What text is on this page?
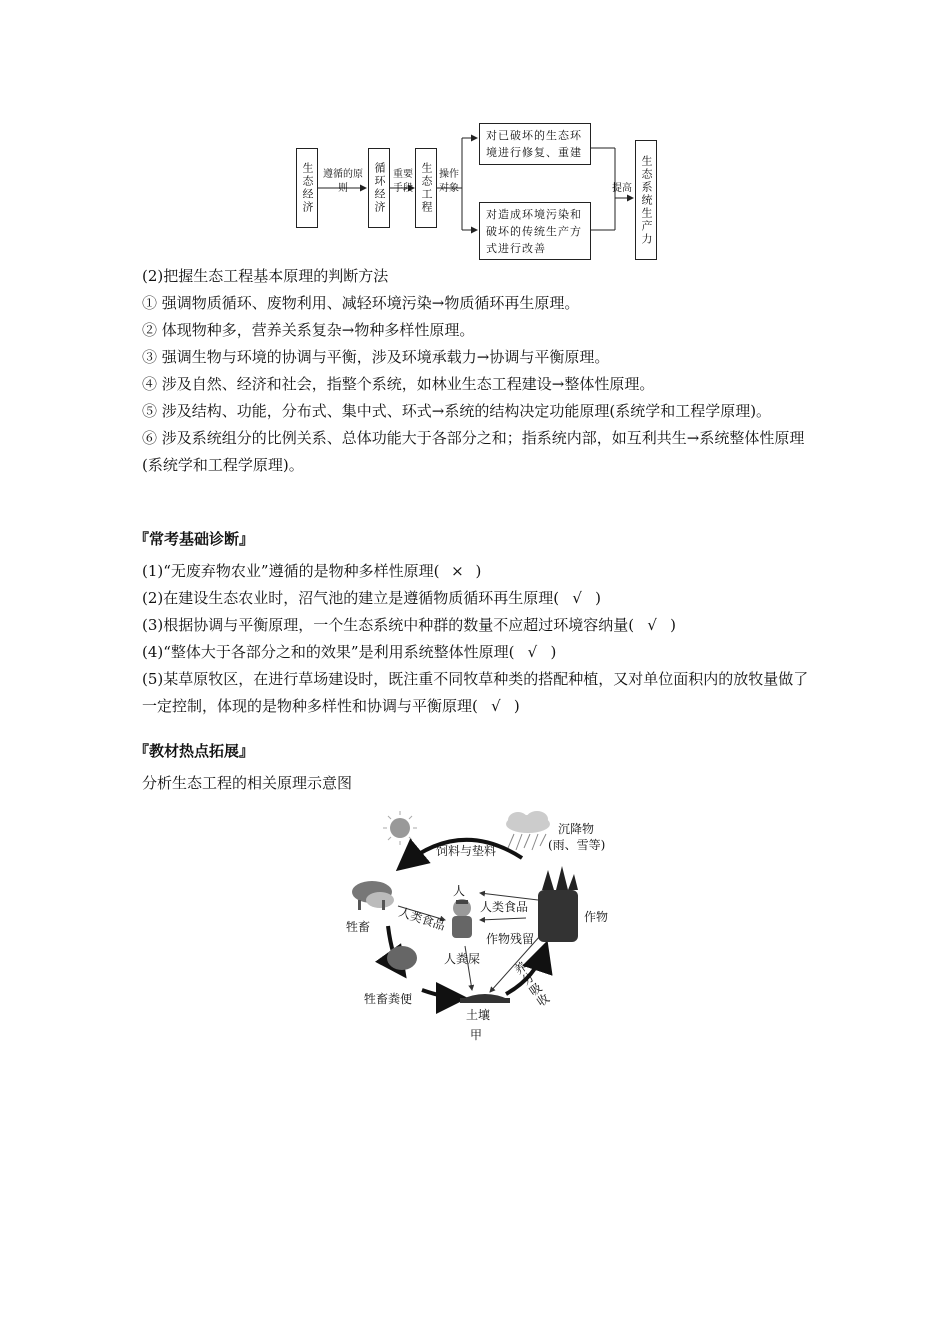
生态经济 遵循的原则	循环经济 重要手段 生态工程 操作对象
对已破坏的生态环境进行修复、重建
对造成环境污染和破坏的传统生产方式进行改善
提高 生态系统生产力

(2)把握生态工程基本原理的判断方法

① 强调物质循环、废物利用、减轻环境污染→物质循环再生原理。

② 体现物种多，营养关系复杂→物种多样性原理。

③ 强调生物与环境的协调与平衡，涉及环境承载力→协调与平衡原理。

④ 涉及自然、经济和社会，指整个系统，如林业生态工程建设→整体性原理。

⑤ 涉及结构、功能，分布式、集中式、环式→系统的结构决定功能原理(系统学和工程学原理)。

⑥ 涉及系统组分的比例关系、总体功能大于各部分之和；指系统内部，如互利共生→系统整体性原理(系统学和工程学原理)。

『常考基础诊断』

(1)“无废弃物农业”遵循的是物种多样性原理( × )

(2)在建设生态农业时，沼气池的建立是遵循物质循环再生原理( √ )

(3)根据协调与平衡原理，一个生态系统中种群的数量不应超过环境容纳量( √ )

(4)“整体大于各部分之和的效果”是利用系统整体性原理( √ )

(5)某草原牧区，在进行草场建设时，既注重不同牧草种类的搭配种植，又对单位面积内的放牧量做了一定控制，体现的是物种多样性和协调与平衡原理( √ )

『教材热点拓展』
分析生态工程的相关原理示意图
饲料与垫料
沉降物
(雨、雪等)
人
人类食品
人类食品
牲畜
作物
作物残留
人粪屎
养分吸收
牲畜粪便
土壤
甲
